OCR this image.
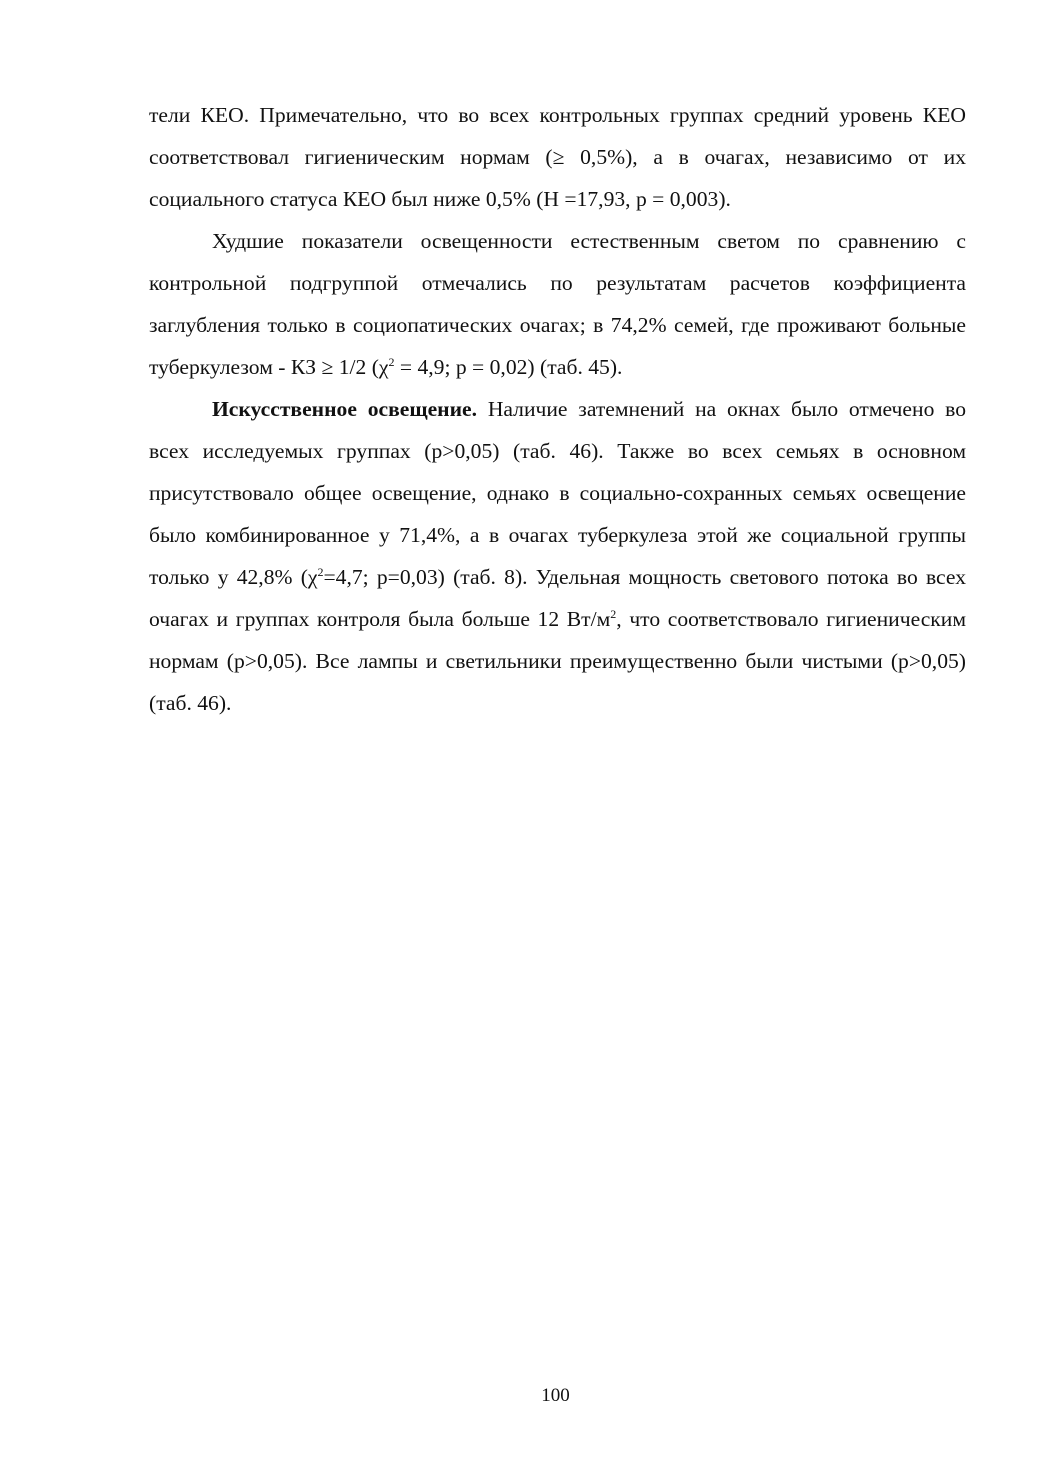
тели КЕО. Примечательно, что во всех контрольных группах средний уровень КЕО соответствовал гигиеническим нормам (≥ 0,5%), а в очагах, независимо от их социального статуса КЕО был ниже 0,5% (Н =17,93, р = 0,003).

Худшие показатели освещенности естественным светом по сравнению с контрольной подгруппой отмечались по результатам расчетов коэффициента заглубления только в социопатических очагах; в 74,2% семей, где проживают больные туберкулезом - КЗ ≥ 1/2 ($\chi^2 = 4,9$; р = 0,02) (таб. 45).

Искусственное освещение. Наличие затемнений на окнах было отмечено во всех исследуемых группах (р>0,05) (таб. 46). Также во всех семьях в основном присутствовало общее освещение, однако в социально-сохранных семьях освещение было комбинированное у 71,4%, а в очагах туберкулеза этой же социальной группы только у 42,8% ($\chi^2=4,7$; р=0,03) (таб. 8). Удельная мощность светового потока во всех очагах и группах контроля была больше 12 $Вт/м^2$, что соответствовало гигиеническим нормам (р>0,05). Все лампы и светильники преимущественно были чистыми (р>0,05) (таб. 46).

100
